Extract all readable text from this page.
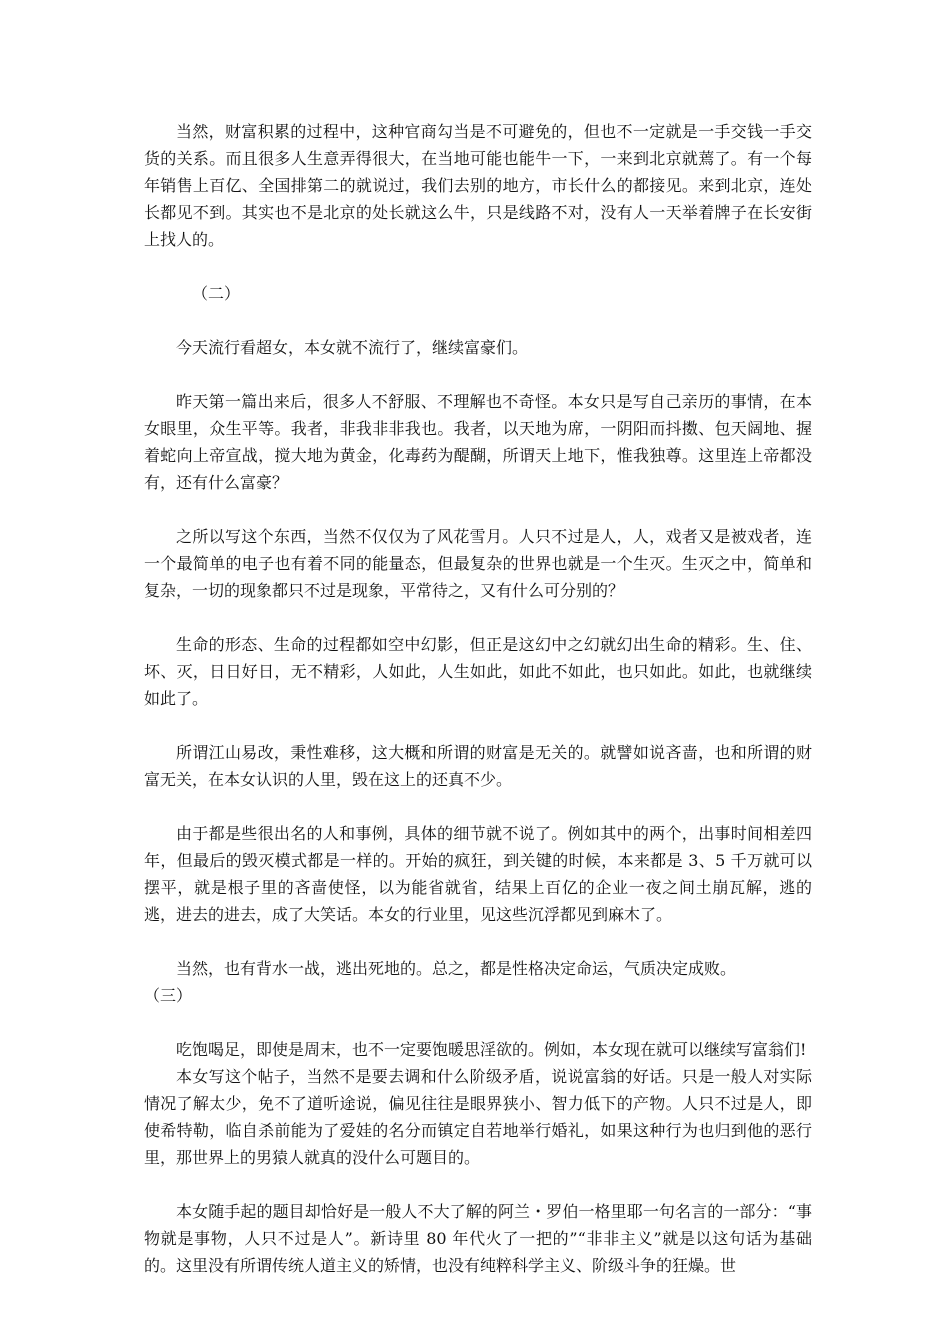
当然，财富积累的过程中，这种官商勾当是不可避免的，但也不一定就是一手交钱一手交货的关系。而且很多人生意弄得很大，在当地可能也能牛一下，一来到北京就蔫了。有一个每年销售上百亿、全国排第二的就说过，我们去别的地方，市长什么的都接见。来到北京，连处长都见不到。其实也不是北京的处长就这么牛，只是线路不对，没有人一天举着牌子在长安街上找人的。

（二）

今天流行看超女，本女就不流行了，继续富豪们。

昨天第一篇出来后，很多人不舒服、不理解也不奇怪。本女只是写自己亲历的事情，在本女眼里，众生平等。我者，非我非非我也。我者，以天地为席，一阴阳而抖擞、包天阔地、握着蛇向上帝宣战，搅大地为黄金，化毒药为醍醐，所谓天上地下，惟我独尊。这里连上帝都没有，还有什么富豪？

之所以写这个东西，当然不仅仅为了风花雪月。人只不过是人，人，戏者又是被戏者，连一个最简单的电子也有着不同的能量态，但最复杂的世界也就是一个生灭。生灭之中，简单和复杂，一切的现象都只不过是现象，平常待之，又有什么可分别的？

生命的形态、生命的过程都如空中幻影，但正是这幻中之幻就幻出生命的精彩。生、住、坏、灭，日日好日，无不精彩，人如此，人生如此，如此不如此，也只如此。如此，也就继续如此了。

所谓江山易改，秉性难移，这大概和所谓的财富是无关的。就譬如说吝啬，也和所谓的财富无关，在本女认识的人里，毁在这上的还真不少。

由于都是些很出名的人和事例，具体的细节就不说了。例如其中的两个，出事时间相差四年，但最后的毁灭模式都是一样的。开始的疯狂，到关键的时候，本来都是 3、5 千万就可以摆平，就是根子里的吝啬使怪，以为能省就省，结果上百亿的企业一夜之间土崩瓦解，逃的逃，进去的进去，成了大笑话。本女的行业里，见这些沉浮都见到麻木了。

当然，也有背水一战，逃出死地的。总之，都是性格决定命运，气质决定成败。

（三）

吃饱喝足，即使是周末，也不一定要饱暖思淫欲的。例如，本女现在就可以继续写富翁们!

本女写这个帖子，当然不是要去调和什么阶级矛盾，说说富翁的好话。只是一般人对实际情况了解太少，免不了道听途说，偏见往往是眼界狭小、智力低下的产物。人只不过是人，即使希特勒，临自杀前能为了爱娃的名分而镇定自若地举行婚礼，如果这种行为也归到他的恶行里，那世界上的男猿人就真的没什么可题目的。

本女随手起的题目却恰好是一般人不大了解的阿兰・罗伯一格里耶一句名言的一部分：“事物就是事物，人只不过是人”。新诗里 80 年代火了一把的”“非非主义”就是以这句话为基础的。这里没有所谓传统人道主义的矫情，也没有纯粹科学主义、阶级斗争的狂燥。世
